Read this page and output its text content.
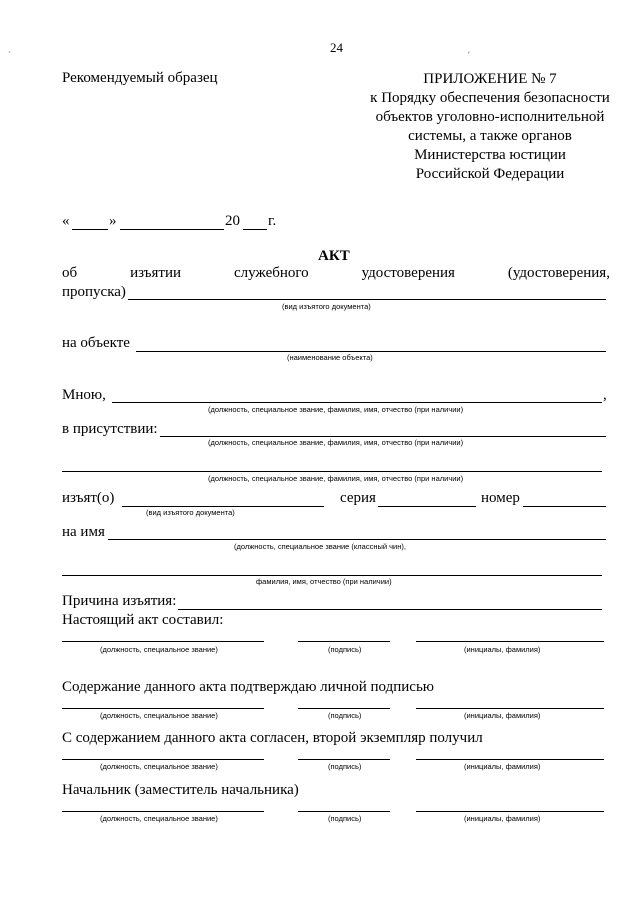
24
´	′
Рекомендуемый образец	ПРИЛОЖЕНИЕ № 7
к Порядку обеспечения безопасности
объектов уголовно-исполнительной
системы, а также органов
Министерства юстиции
Российской Федерации
«	»	20 г.
АКТ
об	изъятии	служебного	удостоверения	(удостоверения,
пропуска)
(вид изъятого документа)
на объекте
(наименование объекта)
Мною,	,
(должность, специальное звание, фамилия, имя, отчество (при наличии)
в присутствии:
(должность, специальное звание, фамилия, имя, отчество (при наличии)
(должность, специальное звание, фамилия, имя, отчество (при наличии)
изъят(о)
(вид изъятого документа)
серия	номер
на имя
(должность, специальное звание (классный чин),
фамилия, имя, отчество (при наличии)
Причина изъятия:
Настоящий акт составил:
(должность, специальное звание)	(подпись)	(инициалы, фамилия)
Содержание данного акта подтверждаю личной подписью
(должность, специальное звание)	(подпись)	(инициалы, фамилия)
С содержанием данного акта согласен, второй экземпляр получил
(должность, специальное звание)	(подпись)	(инициалы, фамилия)
Начальник (заместитель начальника)
(должность, специальное звание)	(подпись)	(инициалы, фамилия)
